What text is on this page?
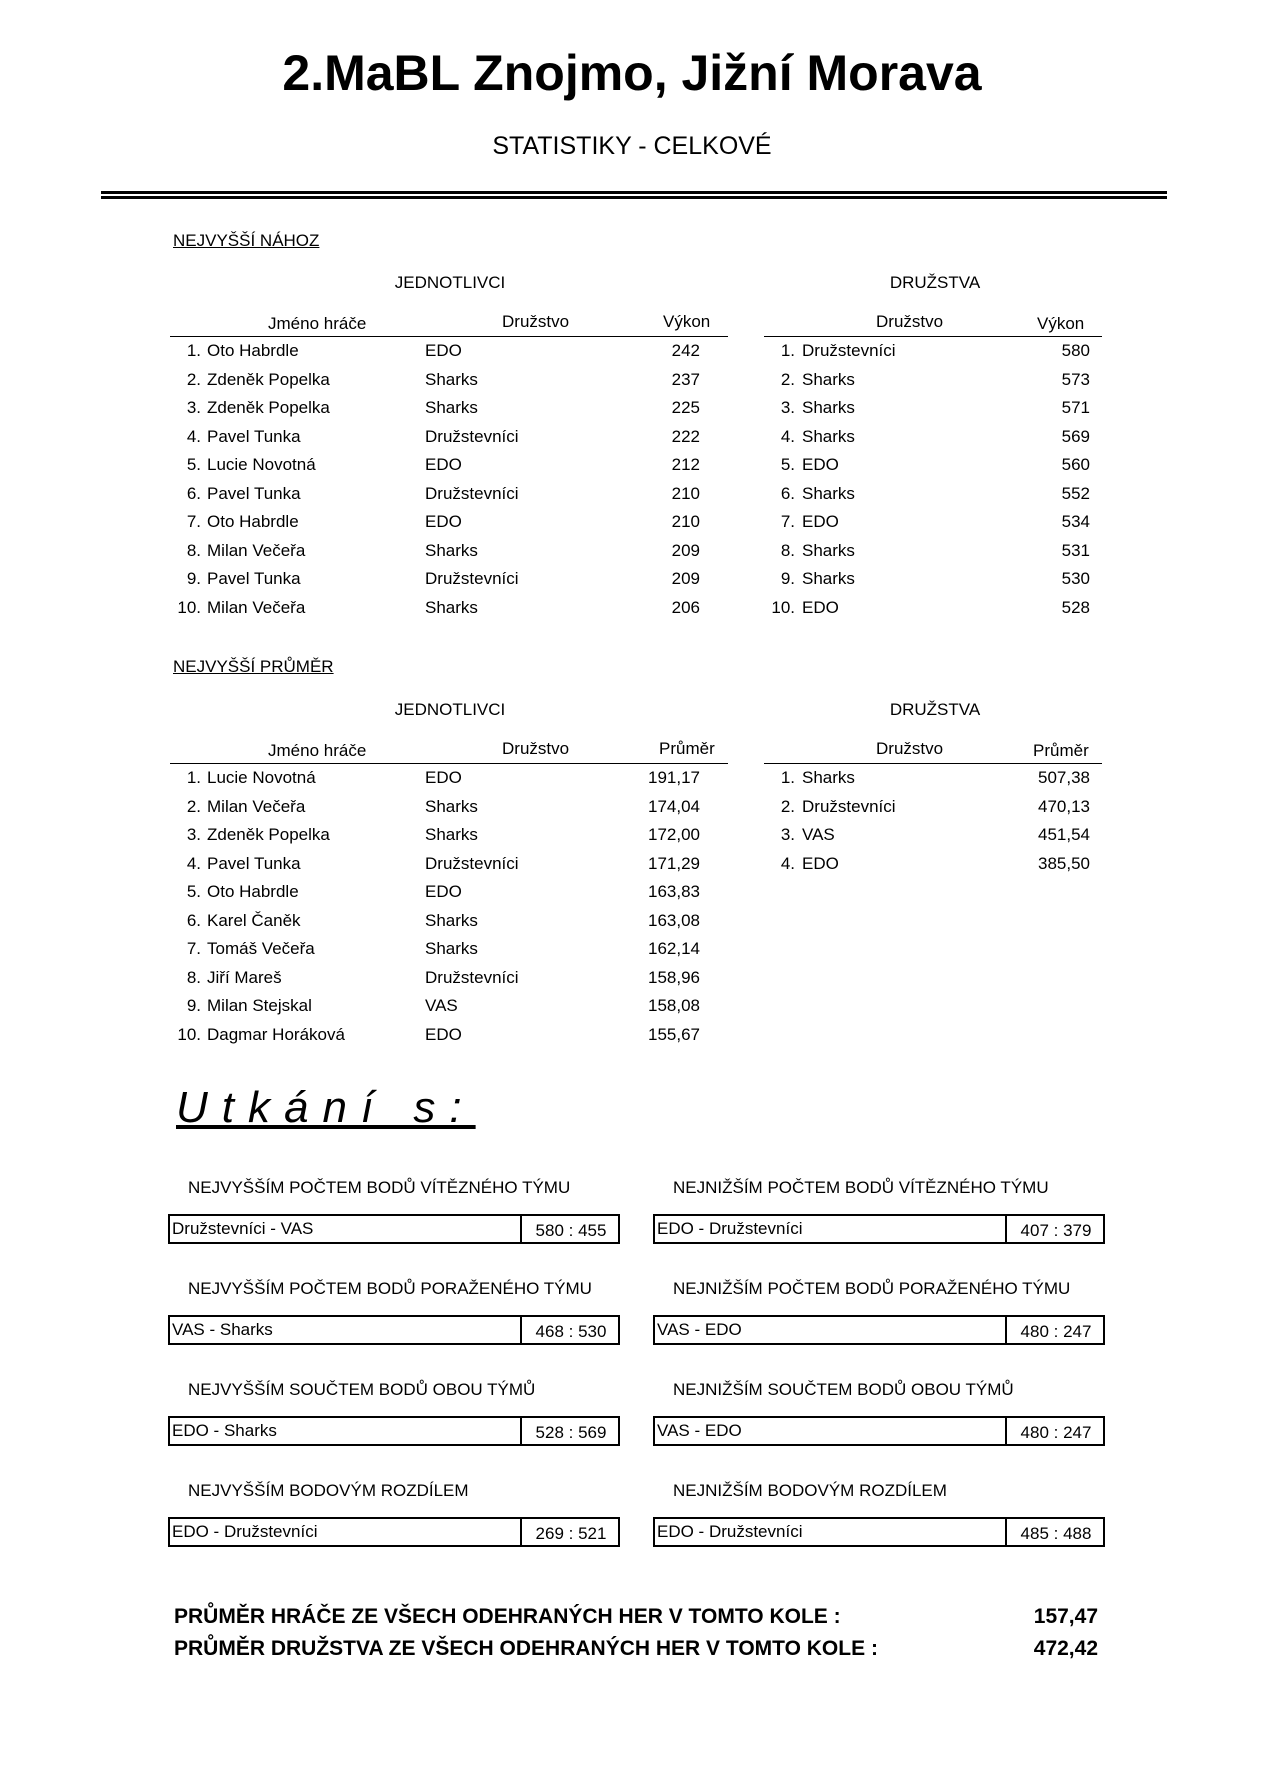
2.MaBL Znojmo, Jižní Morava
STATISTIKY - CELKOVÉ
NEJVYŠŠÍ NÁHOZ
JEDNOTLIVCI	DRUŽSTVA
Jméno hráče	Družstvo	Výkon	Družstvo	Výkon
1. Oto Habrdle	EDO	242
2. Zdeněk Popelka	Sharks	237
3. Zdeněk Popelka	Sharks	225
4. Pavel Tunka	Družstevníci	222
5. Lucie Novotná	EDO	212
6. Pavel Tunka	Družstevníci	210
7. Oto Habrdle	EDO	210
8. Milan Večeřa	Sharks	209
9. Pavel Tunka	Družstevníci	209
10. Milan Večeřa	Sharks	206
1. Družstevníci	580
2. Sharks	573
3. Sharks	571
4. Sharks	569
5. EDO	560
6. Sharks	552
7. EDO	534
8. Sharks	531
9. Sharks	530
10. EDO	528
NEJVYŠŠÍ PRŮMĚR
JEDNOTLIVCI	DRUŽSTVA
Jméno hráče	Družstvo	Průměr	Družstvo	Průměr
1. Lucie Novotná	EDO	191,17
2. Milan Večeřa	Sharks	174,04
3. Zdeněk Popelka	Sharks	172,00
4. Pavel Tunka	Družstevníci	171,29
5. Oto Habrdle	EDO	163,83
6. Karel Čaněk	Sharks	163,08
7. Tomáš Večeřa	Sharks	162,14
8. Jiří Mareš	Družstevníci	158,96
9. Milan Stejskal	VAS	158,08
10. Dagmar Horáková	EDO	155,67
1. Sharks	507,38
2. Družstevníci	470,13
3. VAS	451,54
4. EDO	385,50
Utkání s:
NEJVYŠŠÍM POČTEM BODŮ VÍTĚZNÉHO TÝMU
Družstevníci - VAS	580 : 455
NEJNIŽŠÍM POČTEM BODŮ VÍTĚZNÉHO TÝMU
EDO - Družstevníci	407 : 379
NEJVYŠŠÍM POČTEM BODŮ PORAŽENÉHO TÝMU
VAS - Sharks	468 : 530
NEJNIŽŠÍM POČTEM BODŮ PORAŽENÉHO TÝMU
VAS - EDO	480 : 247
NEJVYŠŠÍM SOUČTEM BODŮ OBOU TÝMŮ
EDO - Sharks	528 : 569
NEJNIŽŠÍM SOUČTEM BODŮ OBOU TÝMŮ
VAS - EDO	480 : 247
NEJVYŠŠÍM BODOVÝM ROZDÍLEM
EDO - Družstevníci	269 : 521
NEJNIŽŠÍM BODOVÝM ROZDÍLEM
EDO - Družstevníci	485 : 488
PRŮMĚR HRÁČE ZE VŠECH ODEHRANÝCH HER V TOMTO KOLE :	157,47
PRŮMĚR DRUŽSTVA ZE VŠECH ODEHRANÝCH HER V TOMTO KOLE :	472,42
